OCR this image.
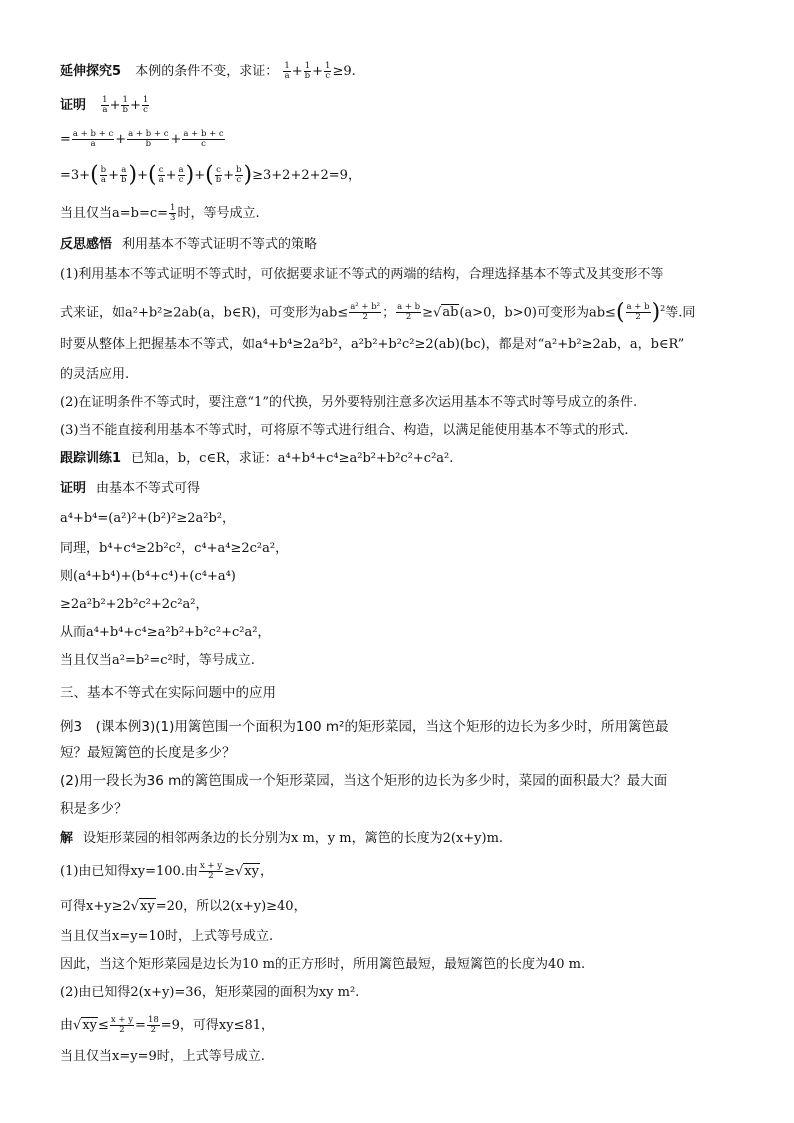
延伸探究5 本例的条件不变，求证： $\frac{1}{a} + \frac{1}{b} + \frac{1}{c} \ge 9$.
证明 $\frac{1}{a} + \frac{1}{b} + \frac{1}{c}$
= $\frac{a + b + c}{a} + \frac{a + b + c}{b} + \frac{a + b + c}{c}$
$=3+( \frac{b}{a} + \frac{a}{b}$ )+( $\frac{c}{a} + \frac{a}{c}$ )+( $\frac{c}{b} + \frac{b}{c} )\ge 3+2+2+2=9$，
当且仅当$a=b=c= \frac{1}{3}$ 时，等号成立.
反思感悟 利用基本不等式证明不等式的策略
(1)利用基本不等式证明不等式时，可依据要求证不等式的两端的结构，合理选择基本不等式及其变形不等
式来证，如a²+b²≥2ab(a，b∈R)，可变形为$ab\le \frac{\text{a² + b²}}{2}$ ； $\frac{a + b}{2} \ge√ab(a>0$，b>0)可变形为$ab\le( \frac{a + b}{2} )^2$等.同
时要从整体上把握基本不等式，如a⁴+b⁴≥2a²b²，a²b²+b²c²≥2(ab)(bc)，都是对“a²+b²≥2ab，a，b∈R”
的灵活应用.
(2)在证明条件不等式时，要注意“1”的代换，另外要特别注意多次运用基本不等式时等号成立的条件.
(3)当不能直接利用基本不等式时，可将原不等式进行组合、构造，以满足能使用基本不等式的形式.
跟踪训练1 已知a，b，c∈R，求证：a⁴+b⁴+c⁴≥a²b²+b²c²+c²a².
证明 由基本不等式可得
a⁴+b⁴=(a²)²+(b²)²≥2a²b²，
同理，b⁴+c⁴≥2b²c²，c⁴+a⁴≥2c²a²，
则(a⁴+b⁴)+(b⁴+c⁴)+(c⁴+a⁴)
≥2a²b²+2b²c²+2c²a²，
从而a⁴+b⁴+c⁴≥a²b²+b²c²+c²a²，
当且仅当a²=b²=c²时，等号成立.
三、基本不等式在实际问题中的应用
例3　(课本例3)(1)用篱笆围一个面积为100 m²的矩形菜园，当这个矩形的边长为多少时，所用篱笆最
短？最短篱笆的长度是多少？
(2)用一段长为36 m的篱笆围成一个矩形菜园，当这个矩形的边长为多少时，菜园的面积最大？最大面
积是多少？
解 设矩形菜园的相邻两条边的长分别为x m，y m，篱笆的长度为2(x+y)m.
(1)由已知得xy=100.由 $\frac{x + y}{2} \ge√xy$，
可得x+y≥2√xy=20，所以2(x+y)≥40，
当且仅当x=y=10时，上式等号成立.
因此，当这个矩形菜园是边长为10 m的正方形时，所用篱笆最短，最短篱笆的长度为40 m.
(2)由已知得2(x+y)=36，矩形菜园的面积为xy m².
由$√xy\le \frac{x + y}{2} = \frac{18}{2} =9$，可得xy≤81，
当且仅当x=y=9时，上式等号成立.
